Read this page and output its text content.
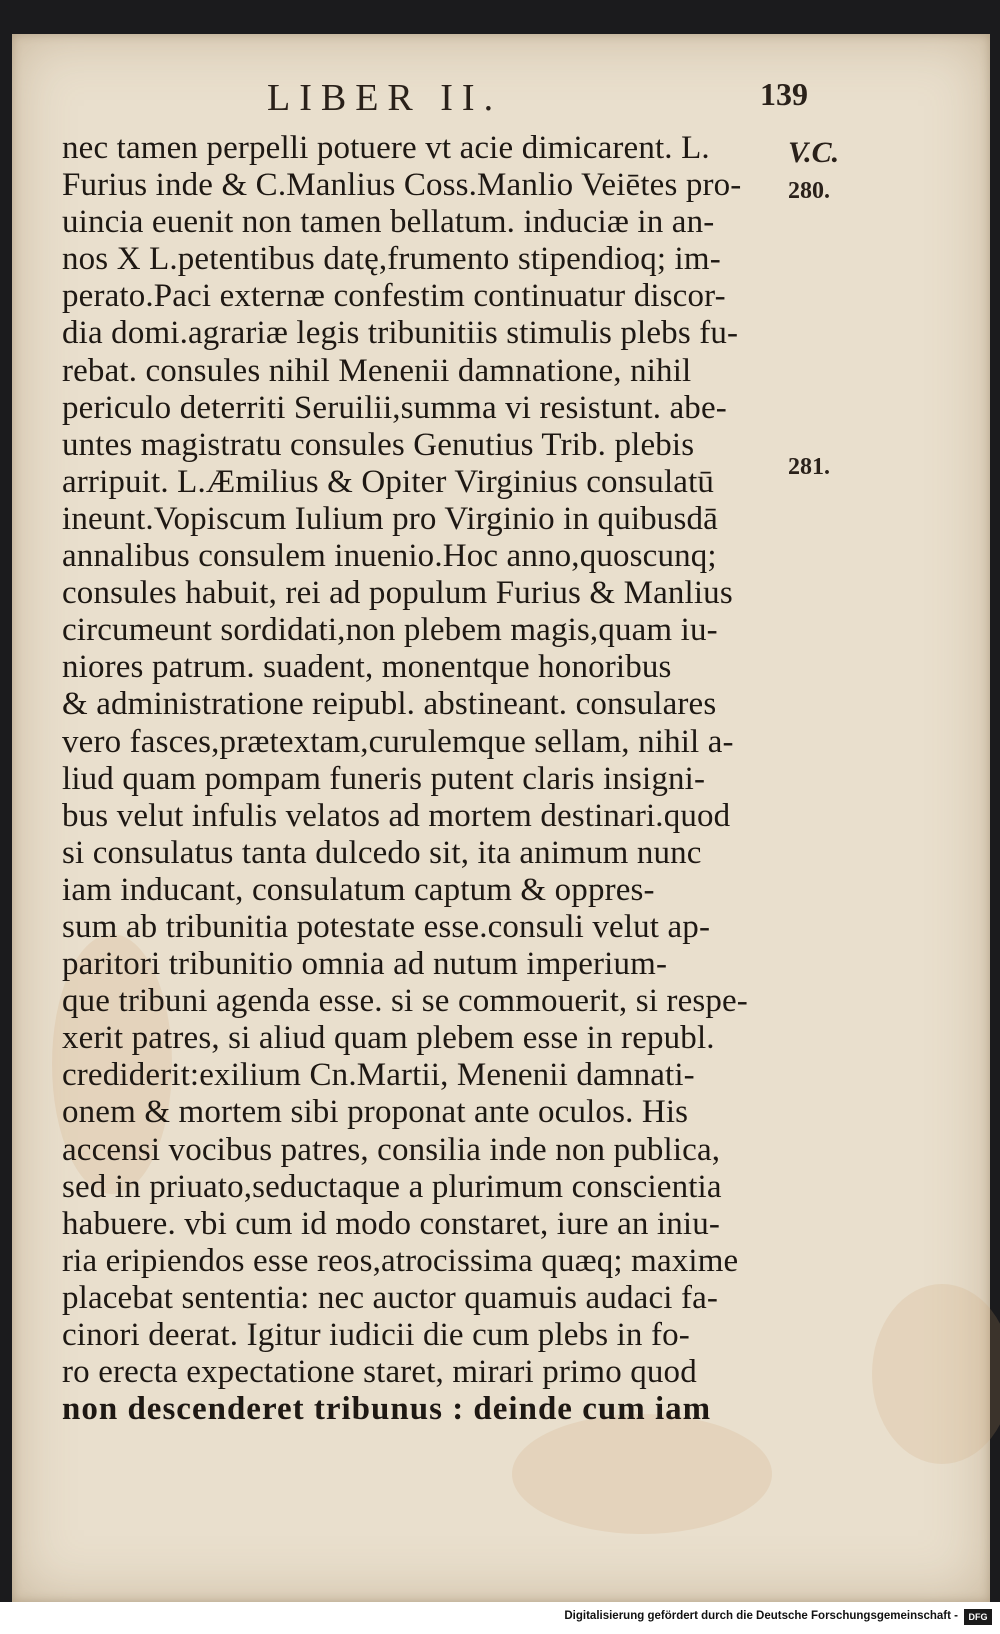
LIBER II.	139
V.C.
280.
281.
nec tamen perpelli potuere vt acie dimicarent. L.
Furius inde & C.Manlius Coss.Manlio Veiētes pro-
uincia euenit non tamen bellatum. induciæ in an-
nos X L.petentibus datę,frumento stipendioq; im-
perato.Paci externæ confestim continuatur discor-
dia domi.agrariæ legis tribunitiis stimulis plebs fu-
rebat. consules nihil Menenii damnatione, nihil
periculo deterriti Seruilii,summa vi resistunt. abe-
untes magistratu consules Genutius Trib. plebis
arripuit. L.Æmilius & Opiter Virginius consulatū
ineunt.Vopiscum Iulium pro Virginio in quibusdā
annalibus consulem inuenio.Hoc anno,quoscunq;
consules habuit, rei ad populum Furius & Manlius
circumeunt sordidati,non plebem magis,quam iu-
niores patrum. suadent, monentque honoribus
& administratione reipubl. abstineant. consulares
vero fasces,prætextam,curulemque sellam, nihil a-
liud quam pompam funeris putent claris insigni-
bus velut infulis velatos ad mortem destinari.quod
si consulatus tanta dulcedo sit, ita animum nunc
iam inducant, consulatum captum & oppres-
sum ab tribunitia potestate esse.consuli velut ap-
paritori tribunitio omnia ad nutum imperium-
que tribuni agenda esse. si se commouerit, si respe-
xerit patres, si aliud quam plebem esse in republ.
crediderit:exilium Cn.Martii, Menenii damnati-
onem & mortem sibi proponat ante oculos. His
accensi vocibus patres, consilia inde non publica,
sed in priuato,seductaque a plurimum conscientia
habuere. vbi cum id modo constaret, iure an iniu-
ria eripiendos esse reos,atrocissima quæq; maxime
placebat sententia: nec auctor quamuis audaci fa-
cinori deerat. Igitur iudicii die cum plebs in fo-
ro erecta expectatione staret, mirari primo quod
non descenderet tribunus : deinde cum iam
Digitalisierung gefördert durch die Deutsche Forschungsgemeinschaft -	DFG
